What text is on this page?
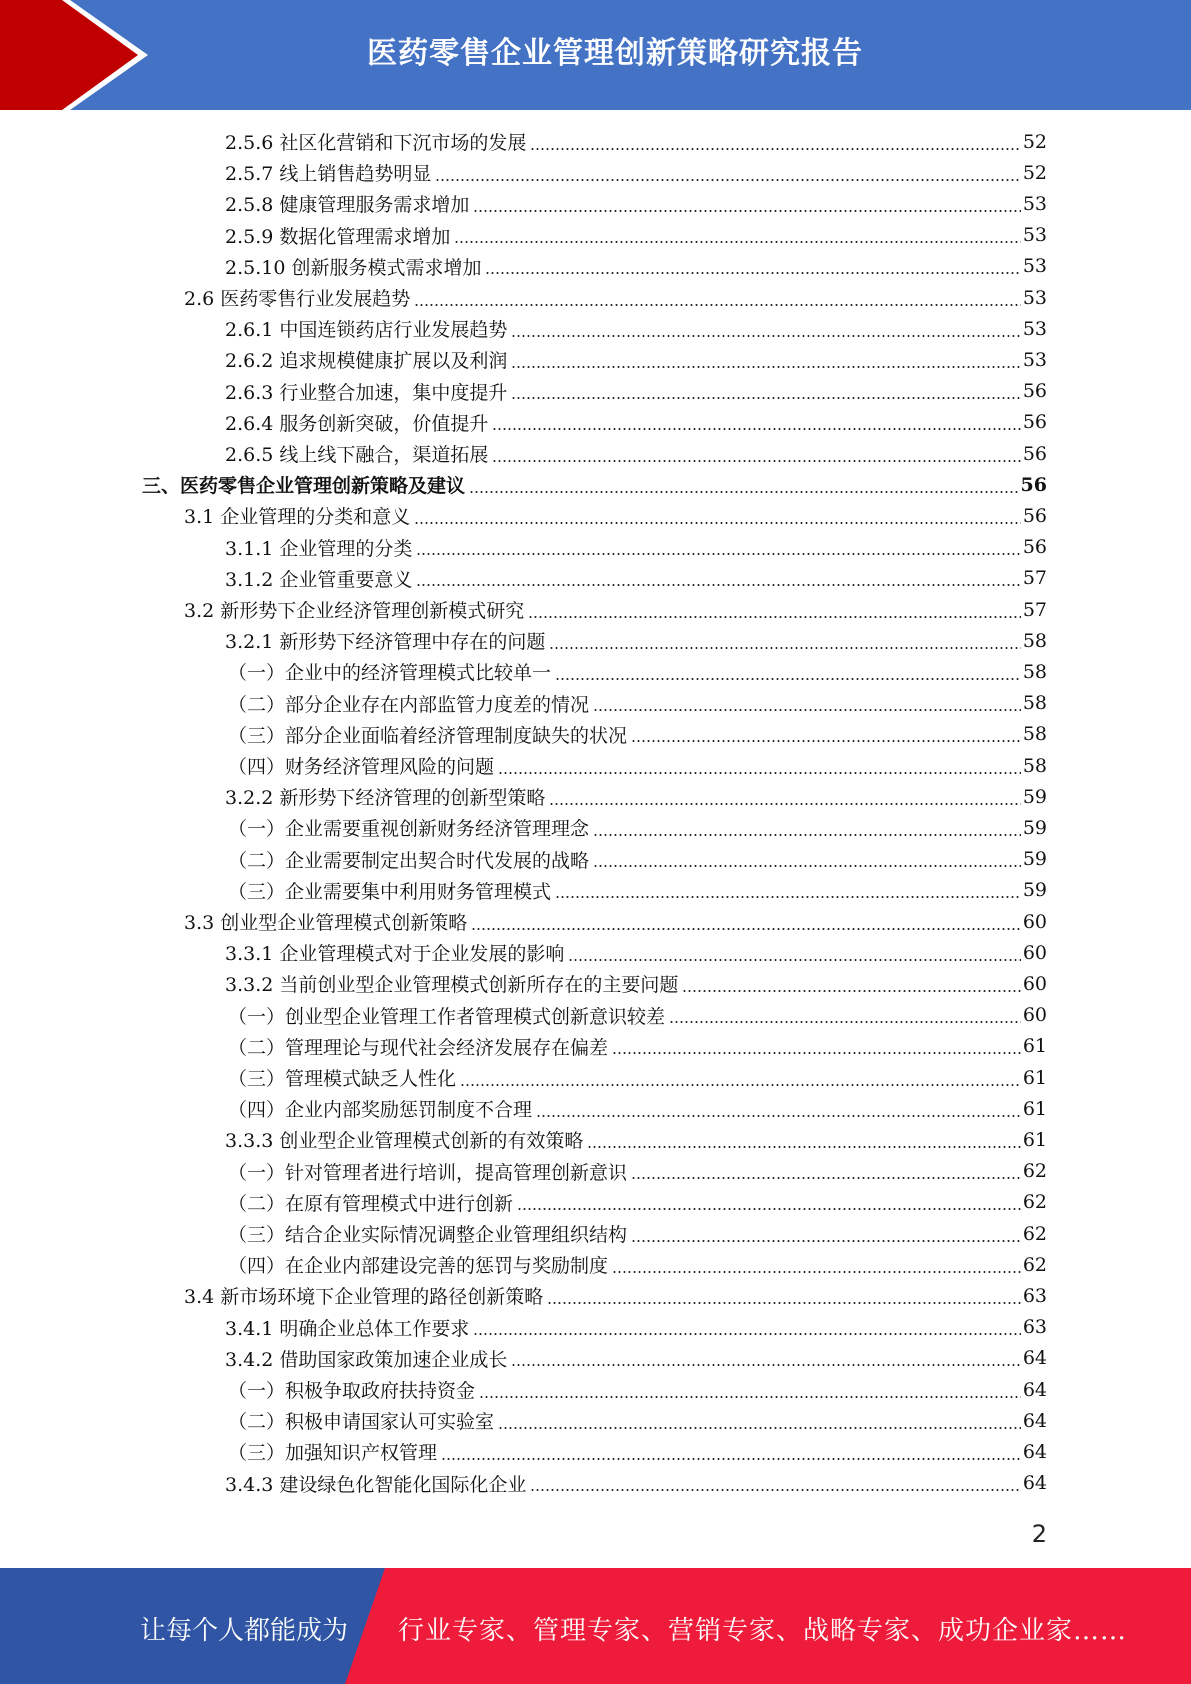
医药零售企业管理创新策略研究报告
2.5.6 社区化营销和下沉市场的发展	52
2.5.7 线上销售趋势明显	52
2.5.8 健康管理服务需求增加	53
2.5.9 数据化管理需求增加	53
2.5.10 创新服务模式需求增加	53
2.6 医药零售行业发展趋势	53
2.6.1 中国连锁药店行业发展趋势	53
2.6.2 追求规模健康扩展以及利润	53
2.6.3 行业整合加速，集中度提升	56
2.6.4 服务创新突破，价值提升	56
2.6.5 线上线下融合，渠道拓展	56
三、医药零售企业管理创新策略及建议	56
3.1 企业管理的分类和意义	56
3.1.1 企业管理的分类	56
3.1.2 企业管重要意义	57
3.2 新形势下企业经济管理创新模式研究	57
3.2.1 新形势下经济管理中存在的问题	58
（一）企业中的经济管理模式比较单一	58
（二）部分企业存在内部监管力度差的情况	58
（三）部分企业面临着经济管理制度缺失的状况	58
（四）财务经济管理风险的问题	58
3.2.2 新形势下经济管理的创新型策略	59
（一）企业需要重视创新财务经济管理理念	59
（二）企业需要制定出契合时代发展的战略	59
（三）企业需要集中利用财务管理模式	59
3.3 创业型企业管理模式创新策略	60
3.3.1 企业管理模式对于企业发展的影响	60
3.3.2 当前创业型企业管理模式创新所存在的主要问题	60
（一）创业型企业管理工作者管理模式创新意识较差	60
（二）管理理论与现代社会经济发展存在偏差	61
（三）管理模式缺乏人性化	61
（四）企业内部奖励惩罚制度不合理	61
3.3.3 创业型企业管理模式创新的有效策略	61
（一）针对管理者进行培训，提高管理创新意识	62
（二）在原有管理模式中进行创新	62
（三）结合企业实际情况调整企业管理组织结构	62
（四）在企业内部建设完善的惩罚与奖励制度	62
3.4 新市场环境下企业管理的路径创新策略	63
3.4.1 明确企业总体工作要求	63
3.4.2 借助国家政策加速企业成长	64
（一）积极争取政府扶持资金	64
（二）积极申请国家认可实验室	64
（三）加强知识产权管理	64
3.4.3 建设绿色化智能化国际化企业	64
2
让每个人都能成为 行业专家、管理专家、营销专家、战略专家、成功企业家……
